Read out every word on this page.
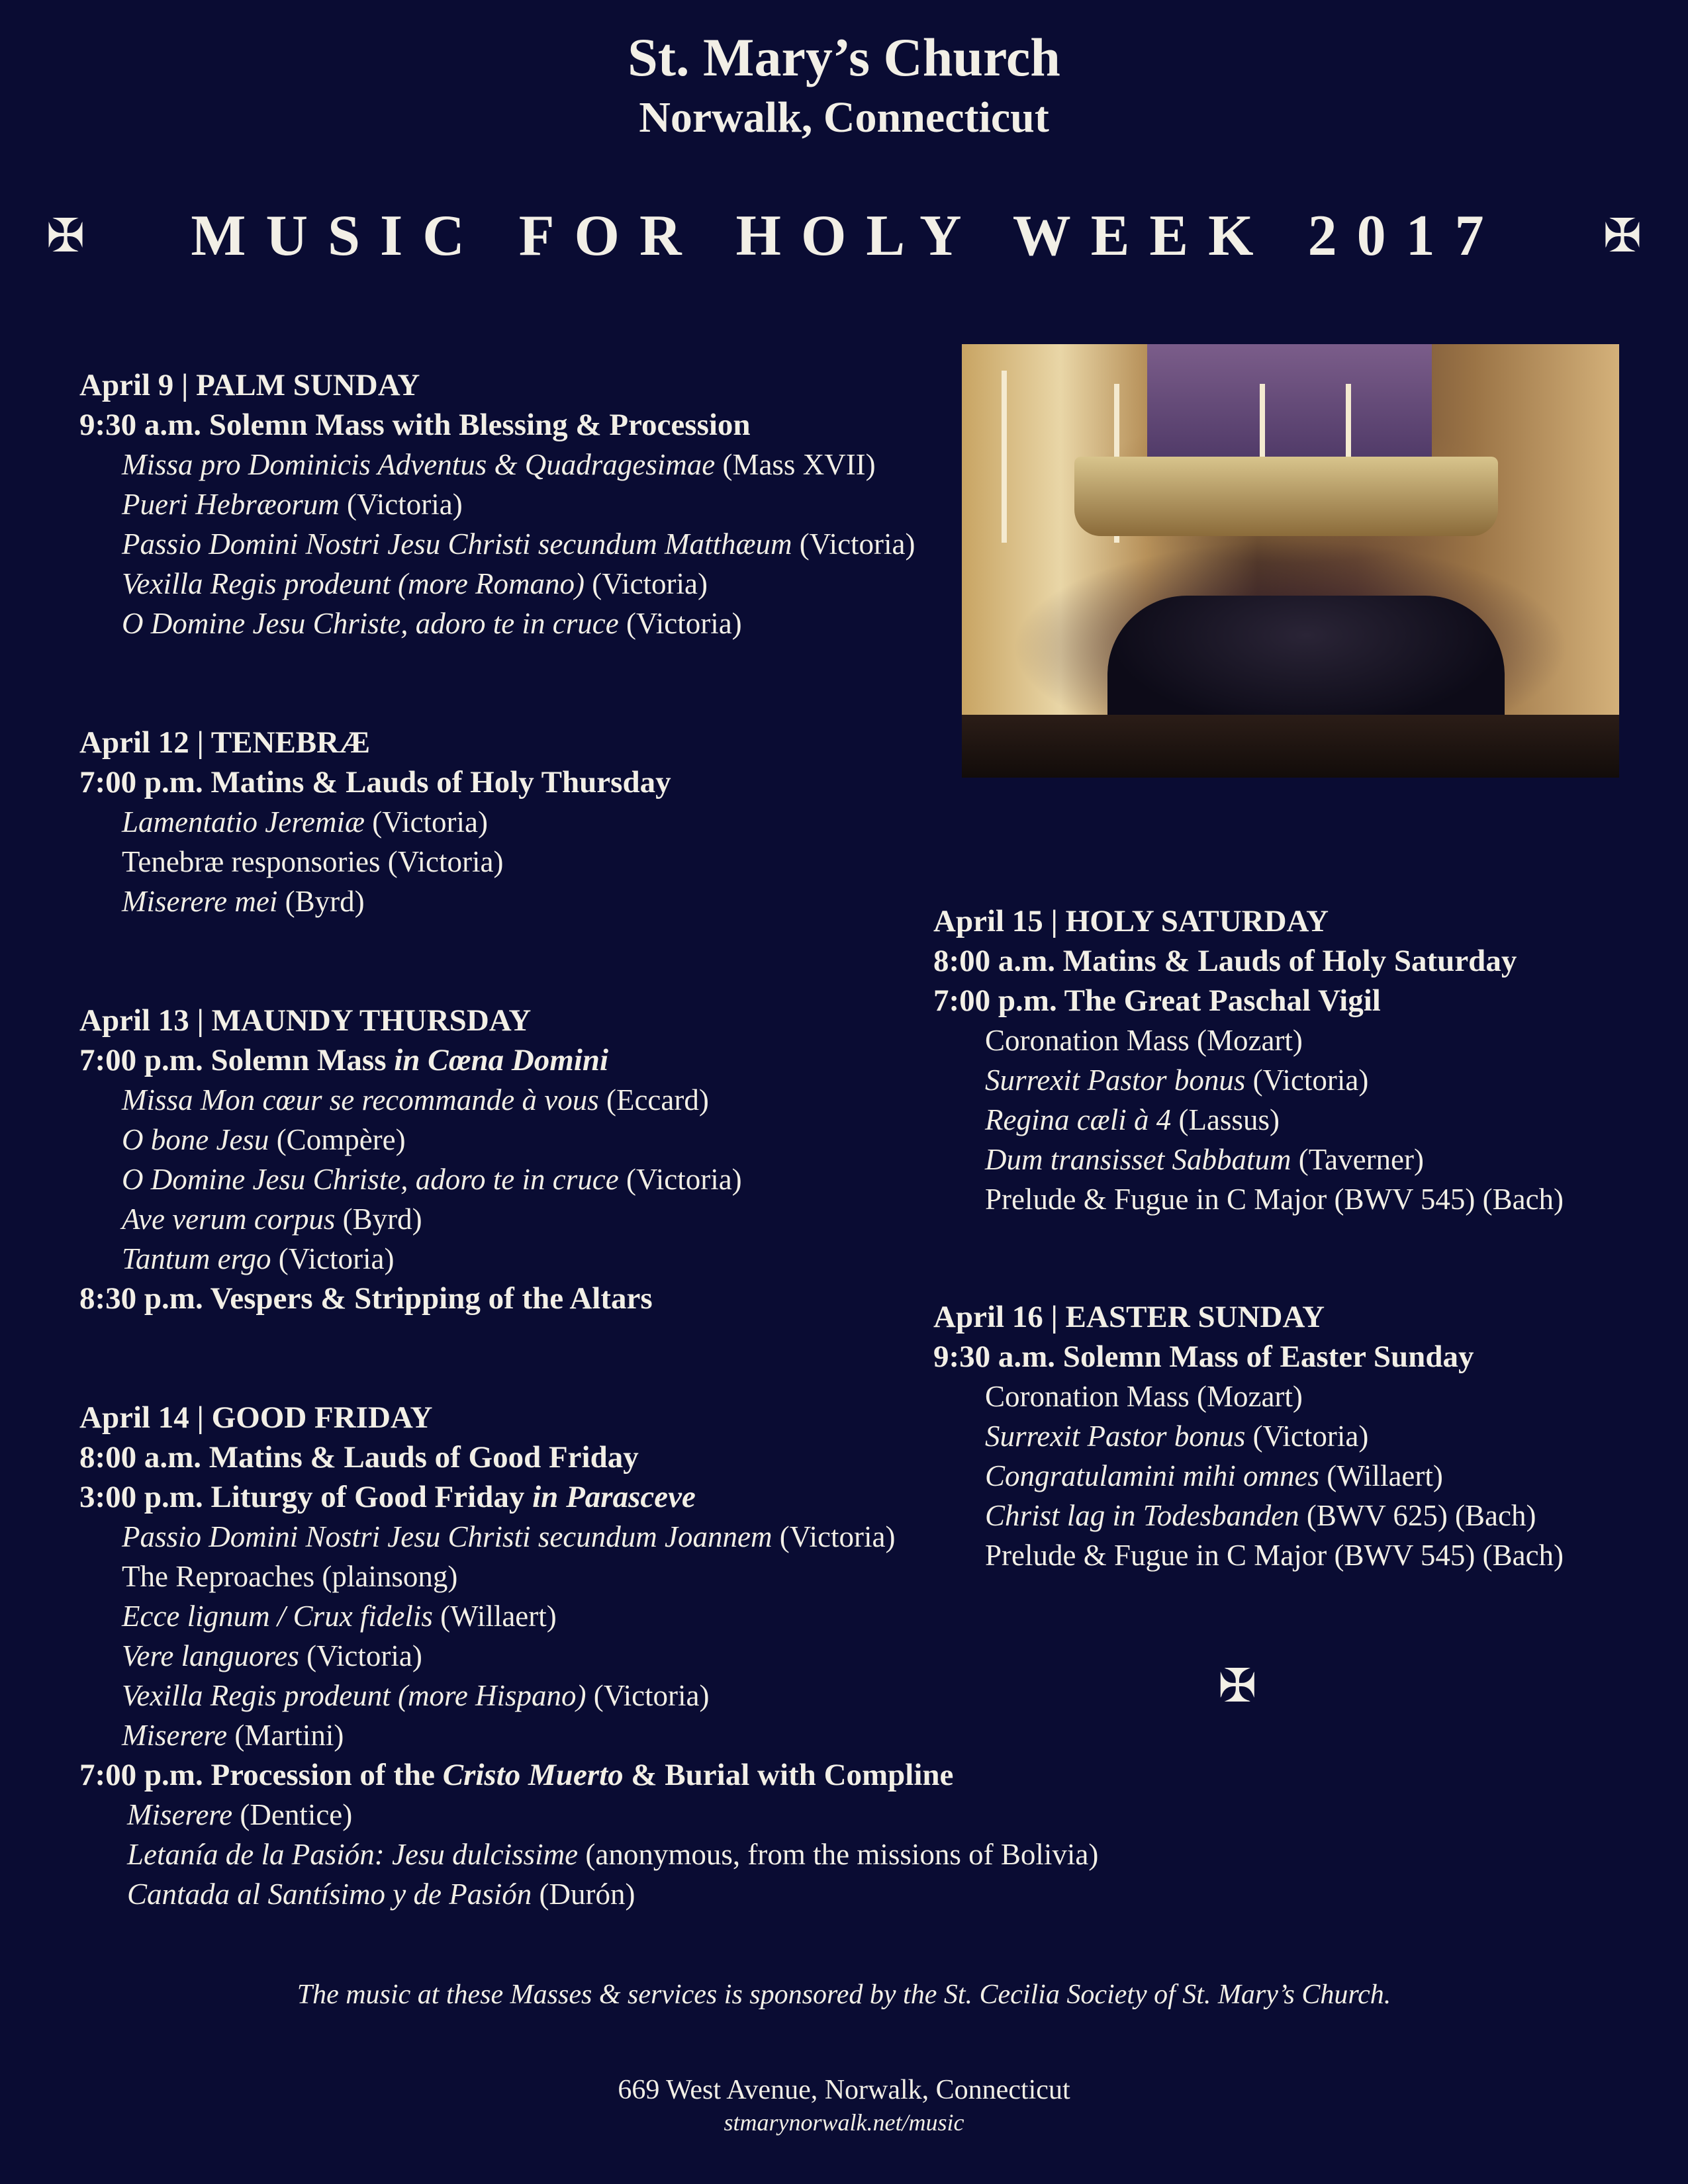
St. Mary’s Church
Norwalk, Connecticut
✠ MUSIC FOR HOLY WEEK 2017 ✠
April 9 | PALM SUNDAY
9:30 a.m. Solemn Mass with Blessing & Procession
Missa pro Dominicis Adventus & Quadragesimae (Mass XVII)
Pueri Hebræorum (Victoria)
Passio Domini Nostri Jesu Christi secundum Matthæum (Victoria)
Vexilla Regis prodeunt (more Romano) (Victoria)
O Domine Jesu Christe, adoro te in cruce (Victoria)
April 12 | TENEBRÆ
7:00 p.m. Matins & Lauds of Holy Thursday
Lamentatio Jeremiæ (Victoria)
Tenebræ responsories (Victoria)
Miserere mei (Byrd)
April 13 | MAUNDY THURSDAY
7:00 p.m. Solemn Mass in Cœna Domini
Missa Mon cœur se recommande à vous (Eccard)
O bone Jesu (Compère)
O Domine Jesu Christe, adoro te in cruce (Victoria)
Ave verum corpus (Byrd)
Tantum ergo (Victoria)
8:30 p.m. Vespers & Stripping of the Altars
April 14 | GOOD FRIDAY
8:00 a.m. Matins & Lauds of Good Friday
3:00 p.m. Liturgy of Good Friday in Parasceve
Passio Domini Nostri Jesu Christi secundum Joannem (Victoria)
The Reproaches (plainsong)
Ecce lignum / Crux fidelis (Willaert)
Vere languores (Victoria)
Vexilla Regis prodeunt (more Hispano) (Victoria)
Miserere (Martini)
7:00 p.m. Procession of the Cristo Muerto & Burial with Compline
Miserere (Dentice)
Letanía de la Pasión: Jesu dulcissime (anonymous, from the missions of Bolivia)
Cantada al Santísimo y de Pasión (Durón)
April 15 | HOLY SATURDAY
8:00 a.m. Matins & Lauds of Holy Saturday
7:00 p.m. The Great Paschal Vigil
Coronation Mass (Mozart)
Surrexit Pastor bonus (Victoria)
Regina cæli à 4 (Lassus)
Dum transisset Sabbatum (Taverner)
Prelude & Fugue in C Major (BWV 545) (Bach)
April 16 | EASTER SUNDAY
9:30 a.m. Solemn Mass of Easter Sunday
Coronation Mass (Mozart)
Surrexit Pastor bonus (Victoria)
Congratulamini mihi omnes (Willaert)
Christ lag in Todesbanden (BWV 625) (Bach)
Prelude & Fugue in C Major (BWV 545) (Bach)
✠
The music at these Masses & services is sponsored by the St. Cecilia Society of St. Mary’s Church.
669 West Avenue, Norwalk, Connecticut
stmarynorwalk.net/music
